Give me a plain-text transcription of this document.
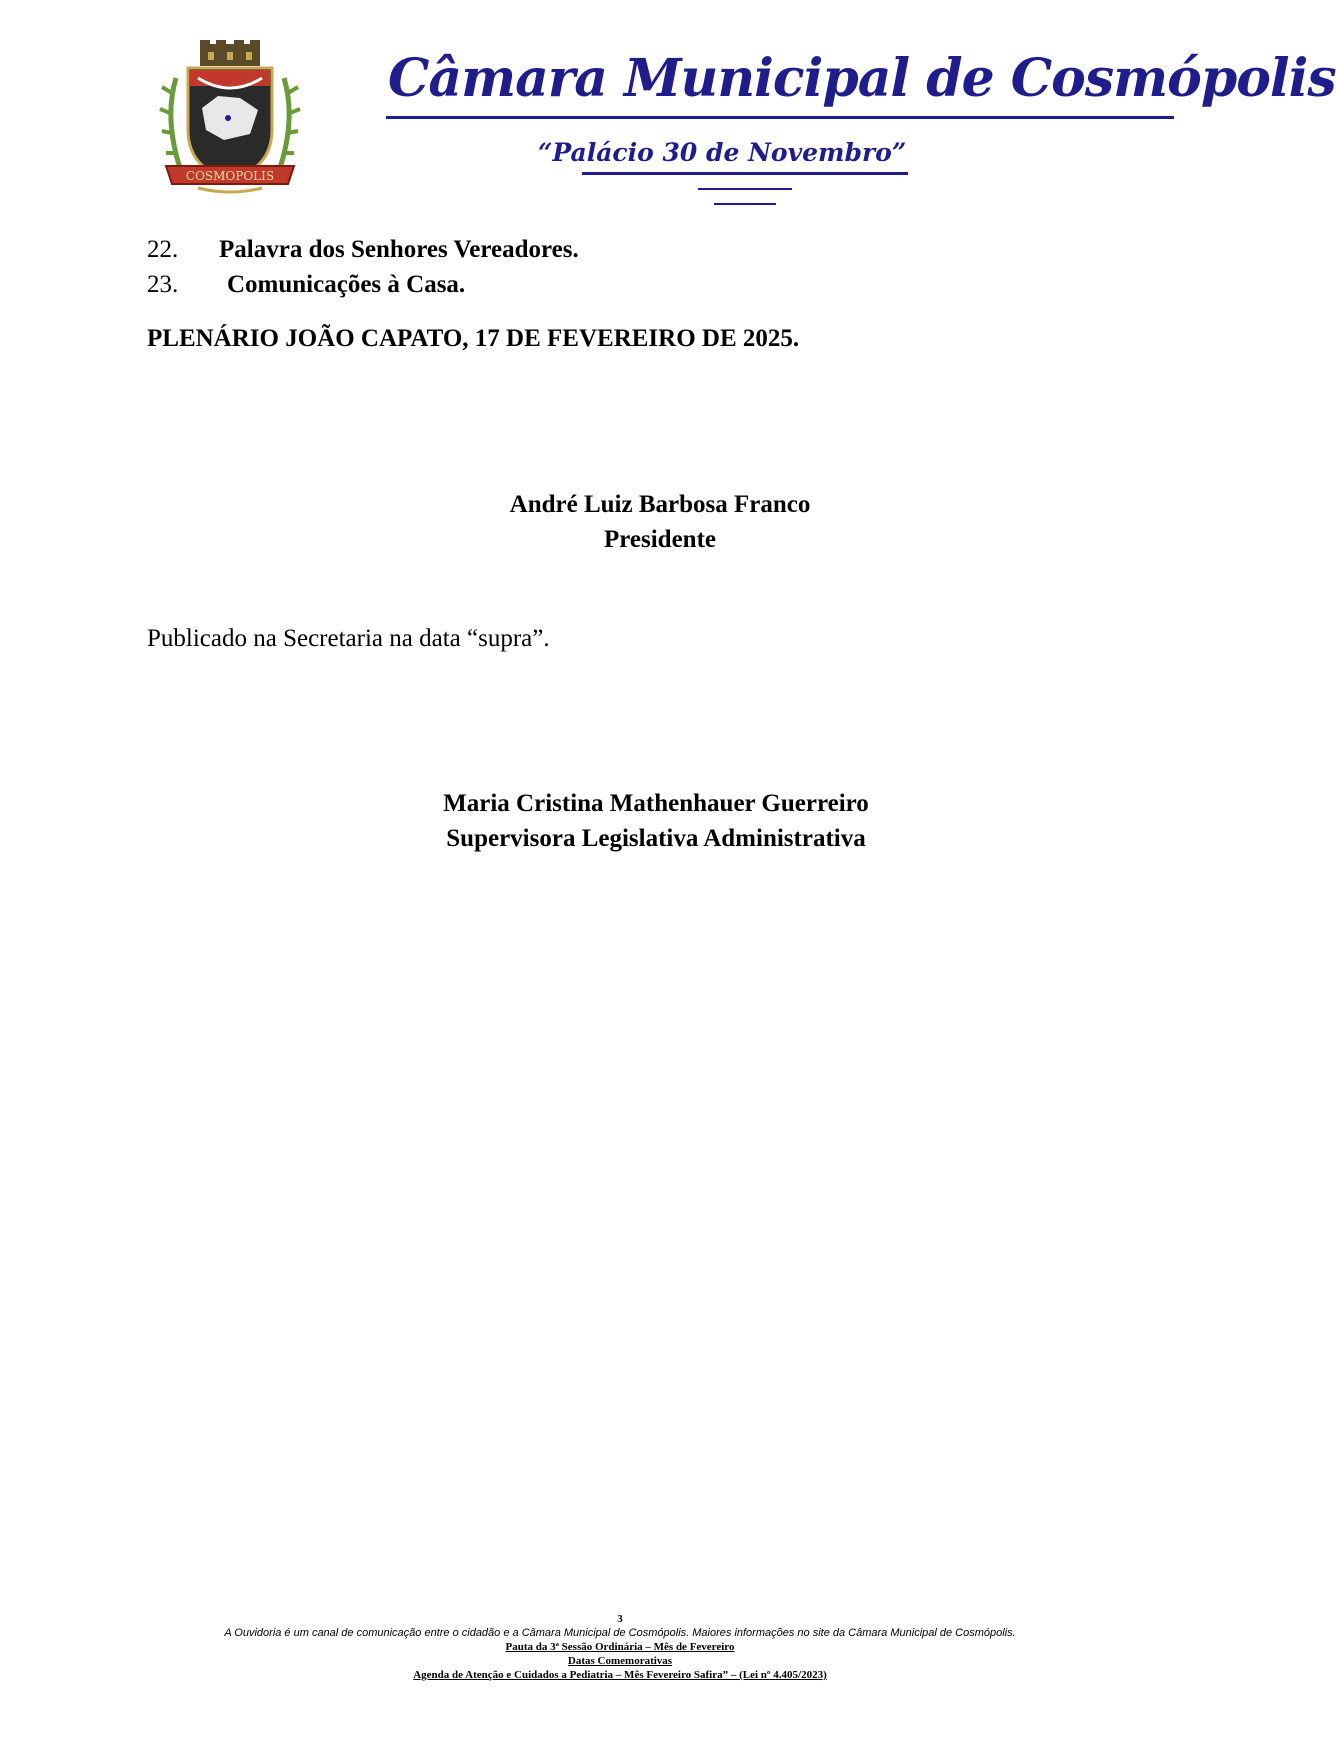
COSMOPOLIS
Câmara Municipal de Cosmópolis
“Palácio 30 de Novembro”
22. Palavra dos Senhores Vereadores.
23. Comunicações à Casa.
PLENÁRIO JOÃO CAPATO, 17 DE FEVEREIRO DE 2025.
André Luiz Barbosa Franco
Presidente
Publicado na Secretaria na data “supra”.
Maria Cristina Mathenhauer Guerreiro
Supervisora Legislativa Administrativa
3
A Ouvidoria é um canal de comunicação entre o cidadão e a Câmara Municipal de Cosmópolis. Maiores informações no site da Câmara Municipal de Cosmópolis.
Pauta da 3ª Sessão Ordinária – Mês de Fevereiro
Datas Comemorativas
Agenda de Atenção e Cuidados a Pediatria – Mês Fevereiro Safira” – (Lei nº 4.405/2023)
